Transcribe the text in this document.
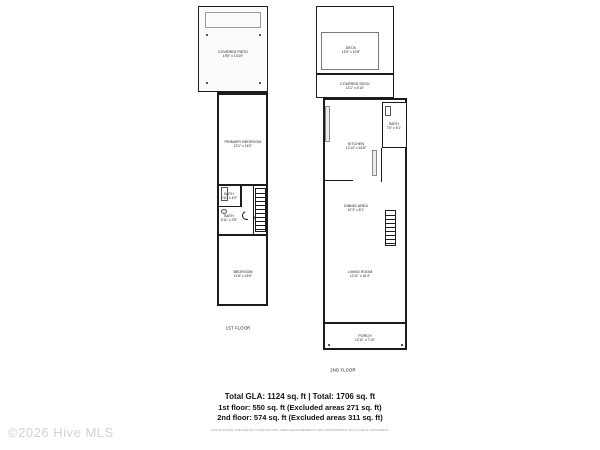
COVERED PATIO
19'5" x 13'10"
PRIMARY BEDROOM
12'1" x 16'0"
BATH
5'11" x 4'9"
BATH
6'11" x 2'8"
BEDROOM
11'8" x 13'6"
1ST FLOOR
DECK
13'9" x 10'8"
COVERED DECK
13'1" x 4'10"
BATH
7'6" x 5'1"
KITCHEN
12'10" x 15'8"
DINING AREA
10'3" x 8'1"
LIVING ROOM
12'11" x 16'4"
PORCH
12'11" x 7'10"
2ND FLOOR
Total GLA: 1124 sq. ft | Total: 1706 sq. ft
1st floor: 550 sq. ft (Excluded areas 271 sq. ft)
2nd floor: 574 sq. ft (Excluded areas 311 sq. ft)
FLOOR PLANS CREATED BY CUBICASA APP. AREA MEASUREMENTS ARE APPROXIMATE. NOT A LEGAL DOCUMENT.
©2026 Hive MLS
